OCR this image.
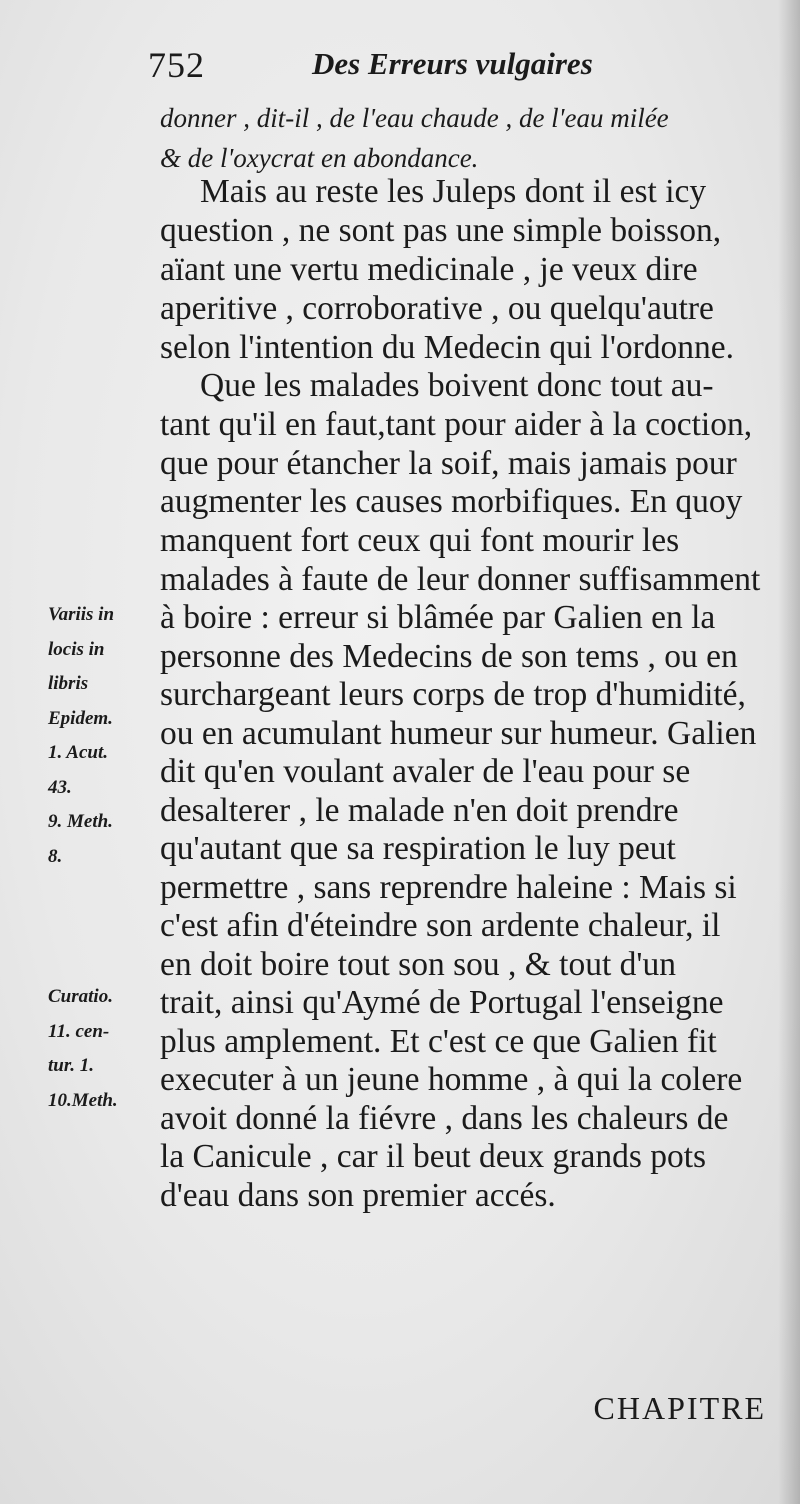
752	Des Erreurs vulgaires
donner , dit-il , de l'eau chaude , de l'eau milée
& de l'oxycrat en abondance.
Mais au reste les Juleps dont il est icy
question , ne sont pas une simple boisson,
aïant une vertu medicinale , je veux dire
aperitive , corroborative , ou quelqu'autre
selon l'intention du Medecin qui l'ordonne.
Que les malades boivent donc tout au-
tant qu'il en faut,tant pour aider à la coction,
que pour étancher la soif, mais jamais pour
augmenter les causes morbifiques. En quoy
manquent fort ceux qui font mourir les
malades à faute de leur donner suffisamment
à boire : erreur si blâmée par Galien en la
personne des Medecins de son tems , ou en
surchargeant leurs corps de trop d'humidité,
ou en acumulant humeur sur humeur. Galien
dit qu'en voulant avaler de l'eau pour se
desalterer , le malade n'en doit prendre
qu'autant que sa respiration le luy peut
permettre , sans reprendre haleine : Mais si
c'est afin d'éteindre son ardente chaleur, il
en doit boire tout son sou , & tout d'un
trait, ainsi qu'Aymé de Portugal l'enseigne
plus amplement. Et c'est ce que Galien fit
executer à un jeune homme , à qui la colere
avoit donné la fiévre , dans les chaleurs de
la Canicule , car il beut deux grands pots
d'eau dans son premier accés.
Variis in
locis in
libris
Epidem.
1. Acut.
43.
9. Meth.
8.
Curatio.
11. cen-
tur. 1.
10.Meth.
CHAPITRE
